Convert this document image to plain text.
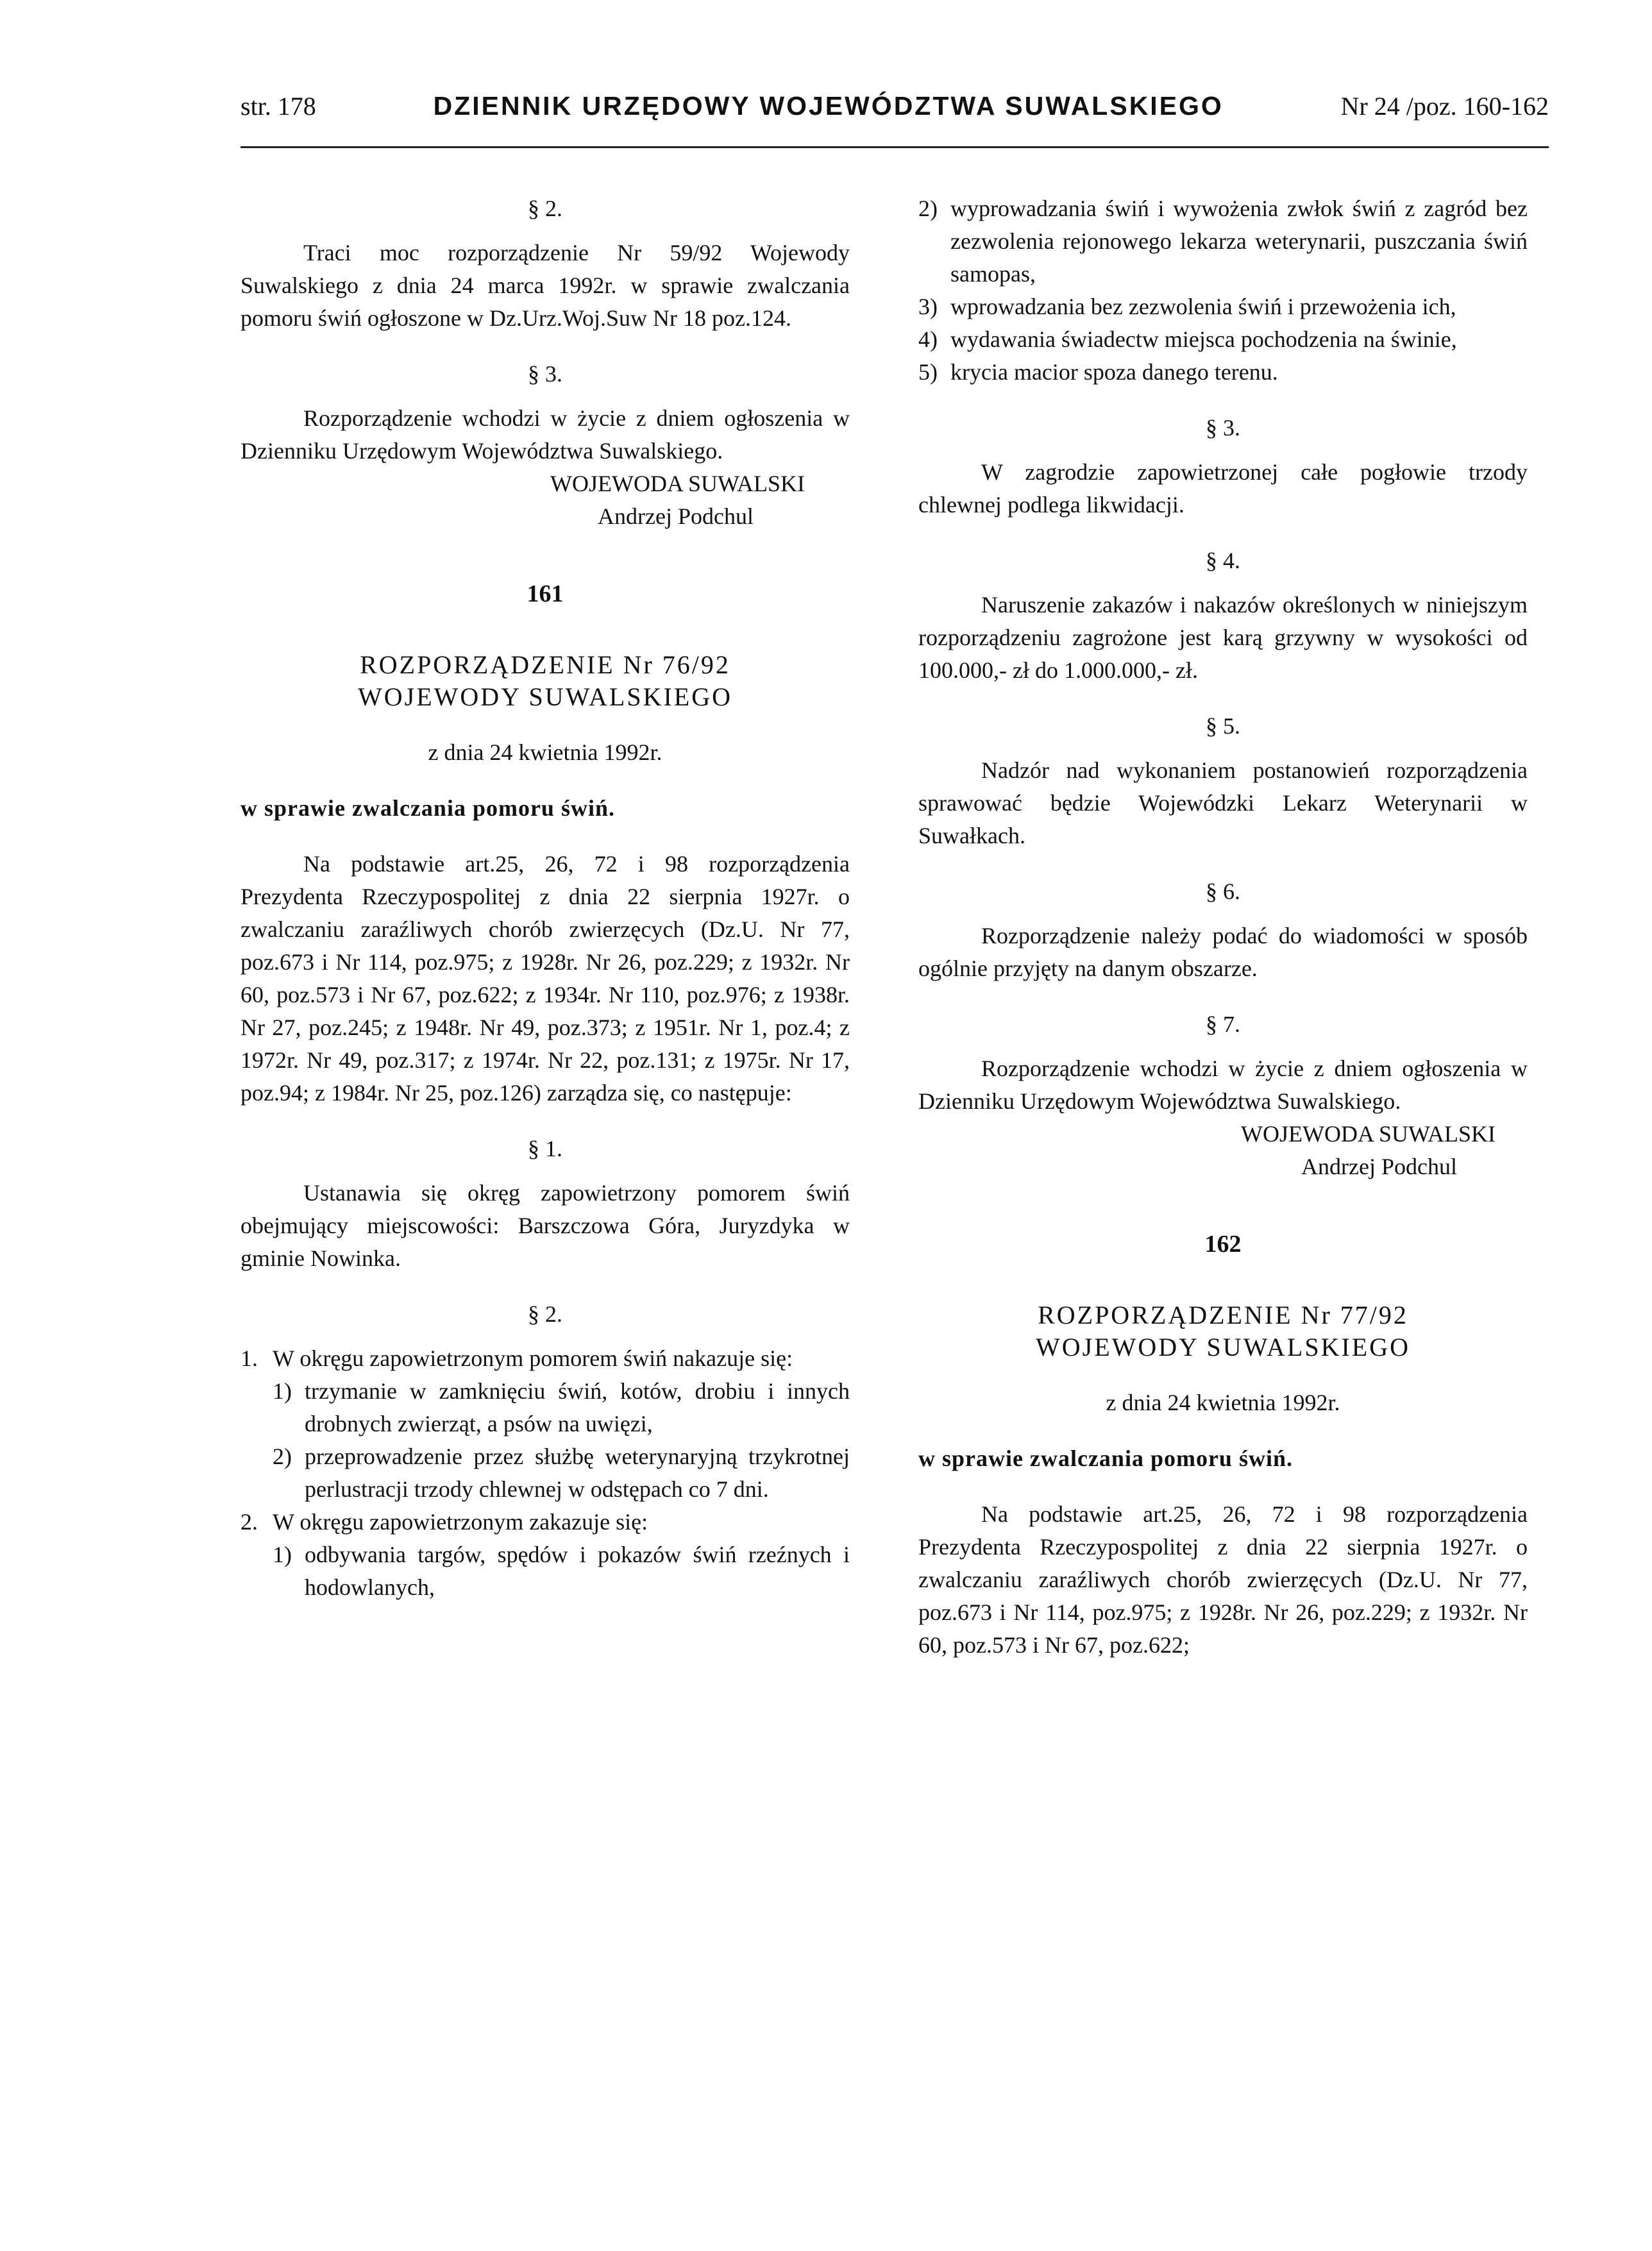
str. 178	DZIENNIK URZĘDOWY WOJEWÓDZTWA SUWALSKIEGO	Nr 24 /poz. 160-162

§ 2.

Traci moc rozporządzenie Nr 59/92 Wojewody Suwalskiego z dnia 24 marca 1992r. w sprawie zwalczania pomoru świń ogłoszone w Dz.Urz.Woj.Suw Nr 18 poz.124.

§ 3.

Rozporządzenie wchodzi w życie z dniem ogłoszenia w Dzienniku Urzędowym Województwa Suwalskiego.

WOJEWODA SUWALSKI

Andrzej Podchul

161

ROZPORZĄDZENIE Nr 76/92

WOJEWODY SUWALSKIEGO

z dnia 24 kwietnia 1992r.

w sprawie zwalczania pomoru świń.

Na podstawie art.25, 26, 72 i 98 rozporządzenia Prezydenta Rzeczypospolitej z dnia 22 sierpnia 1927r. o zwalczaniu zaraźliwych chorób zwierzęcych (Dz.U. Nr 77, poz.673 i Nr 114, poz.975; z 1928r. Nr 26, poz.229; z 1932r. Nr 60, poz.573 i Nr 67, poz.622; z 1934r. Nr 110, poz.976; z 1938r. Nr 27, poz.245; z 1948r. Nr 49, poz.373; z 1951r. Nr 1, poz.4; z 1972r. Nr 49, poz.317; z 1974r. Nr 22, poz.131; z 1975r. Nr 17, poz.94; z 1984r. Nr 25, poz.126) zarządza się, co następuje:

§ 1.

Ustanawia się okręg zapowietrzony pomorem świń obejmujący miejscowości: Barszczowa Góra, Juryzdyka w gminie Nowinka.

§ 2.

1. W okręgu zapowietrzonym pomorem świń nakazuje się:
1) trzymanie w zamknięciu świń, kotów, drobiu i innych drobnych zwierząt, a psów na uwięzi,
2) przeprowadzenie przez służbę weterynaryjną trzykrotnej perlustracji trzody chlewnej w odstępach co 7 dni.
2. W okręgu zapowietrzonym zakazuje się:
1) odbywania targów, spędów i pokazów świń rzeźnych i hodowlanych,
2) wyprowadzania świń i wywożenia zwłok świń z zagród bez zezwolenia rejonowego lekarza weterynarii, puszczania świń samopas,
3) wprowadzania bez zezwolenia świń i przewożenia ich,
4) wydawania świadectw miejsca pochodzenia na świnie,
5) krycia macior spoza danego terenu.

§ 3.

W zagrodzie zapowietrzonej całe pogłowie trzody chlewnej podlega likwidacji.

§ 4.

Naruszenie zakazów i nakazów określonych w niniejszym rozporządzeniu zagrożone jest karą grzywny w wysokości od 100.000,- zł do 1.000.000,- zł.

§ 5.

Nadzór nad wykonaniem postanowień rozporządzenia sprawować będzie Wojewódzki Lekarz Weterynarii w Suwałkach.

§ 6.

Rozporządzenie należy podać do wiadomości w sposób ogólnie przyjęty na danym obszarze.

§ 7.

Rozporządzenie wchodzi w życie z dniem ogłoszenia w Dzienniku Urzędowym Województwa Suwalskiego.

WOJEWODA SUWALSKI

Andrzej Podchul

162

ROZPORZĄDZENIE Nr 77/92

WOJEWODY SUWALSKIEGO

z dnia 24 kwietnia 1992r.

w sprawie zwalczania pomoru świń.

Na podstawie art.25, 26, 72 i 98 rozporządzenia Prezydenta Rzeczypospolitej z dnia 22 sierpnia 1927r. o zwalczaniu zaraźliwych chorób zwierzęcych (Dz.U. Nr 77, poz.673 i Nr 114, poz.975; z 1928r. Nr 26, poz.229; z 1932r. Nr 60, poz.573 i Nr 67, poz.622;
